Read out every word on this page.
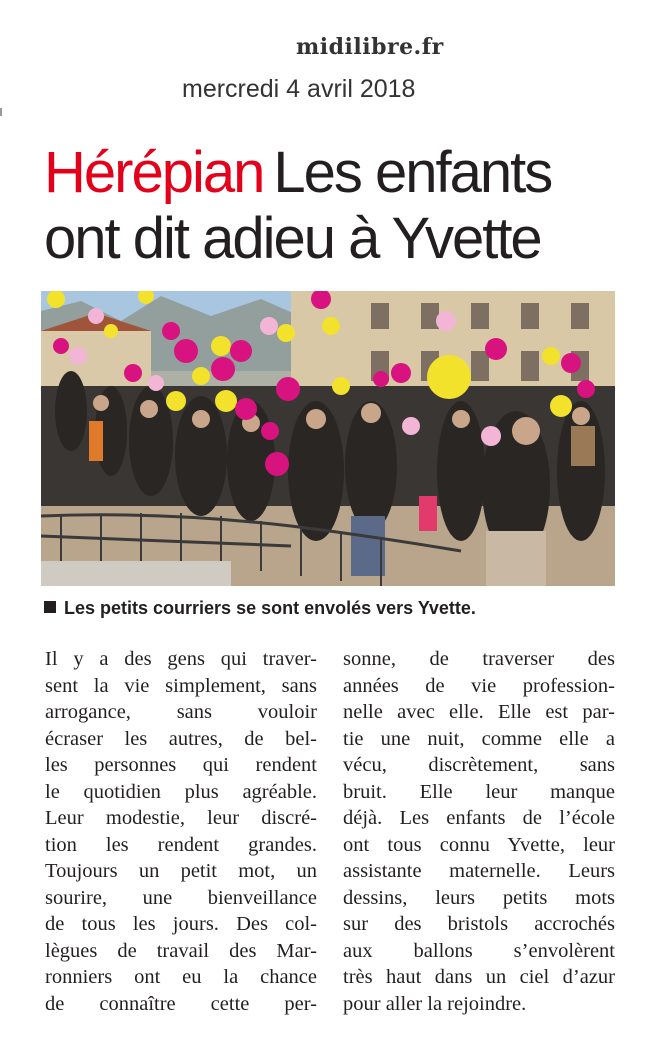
midilibre.fr
mercredi 4 avril 2018
Hérépian Les enfants
ont dit adieu à Yvette
Les petits courriers se sont envolés vers Yvette.
Il y a des gens qui traver-
sent la vie simplement, sans
arrogance, sans vouloir
écraser les autres, de bel-
les personnes qui rendent
le quotidien plus agréable.
Leur modestie, leur discré-
tion les rendent grandes.
Toujours un petit mot, un
sourire, une bienveillance
de tous les jours. Des col-
lègues de travail des Mar-
ronniers ont eu la chance
de connaître cette per-
sonne, de traverser des
années de vie profession-
nelle avec elle. Elle est par-
tie une nuit, comme elle a
vécu, discrètement, sans
bruit. Elle leur manque
déjà. Les enfants de l’école
ont tous connu Yvette, leur
assistante maternelle. Leurs
dessins, leurs petits mots
sur des bristols accrochés
aux ballons s’envolèrent
très haut dans un ciel d’azur
pour aller la rejoindre.
